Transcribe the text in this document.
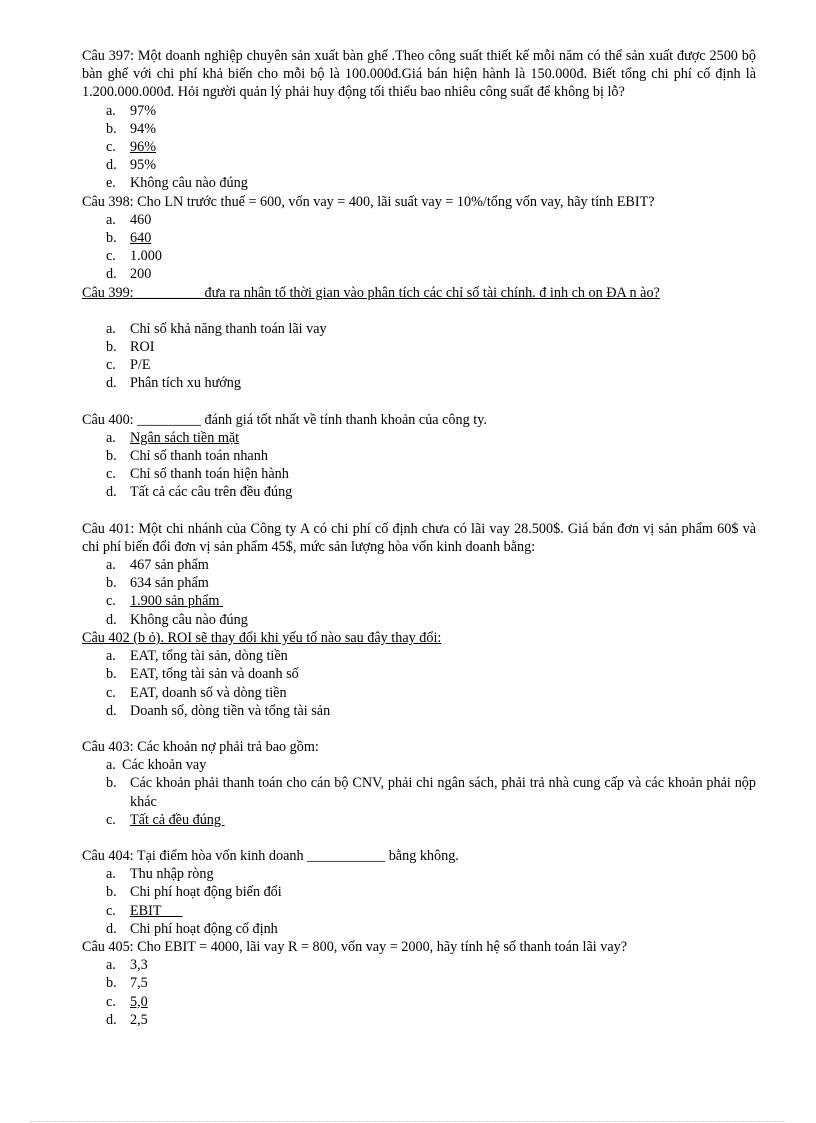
Câu 397: Một doanh nghiệp chuyên sản xuất bàn ghế .Theo công suất thiết kế mỗi năm có thể sản xuất được 2500 bộ bàn ghế với chi phí khả biến cho mỗi bộ là 100.000đ.Giá bán hiện hành là 150.000đ. Biết tổng chi phí cố định là 1.200.000.000đ. Hỏi người quản lý phải huy động tối thiểu bao nhiêu công suất để không bị lỗ?
a. 97%
b. 94%
c. 96%
d. 95%
e. Không câu nào đúng
Câu 398: Cho LN trước thuế = 600, vốn vay = 400, lãi suất vay = 10%/tổng vốn vay, hãy tính EBIT?
a. 460
b. 640
c. 1.000
d. 200
Câu 399: _________ đưa ra nhân tố thời gian vào phân tích các chỉ số tài chính. đ inh ch on ĐA n ào?
a. Chỉ số khả năng thanh toán lãi vay
b. ROI
c. P/E
d. Phân tích xu hướng
Câu 400: _________ đánh giá tốt nhất về tính thanh khoản của công ty.
a. Ngân sách tiền mặt
b. Chỉ số thanh toán nhanh
c. Chỉ số thanh toán hiện hành
d. Tất cả các câu trên đều đúng
Câu 401: Một chi nhánh của Công ty A có chi phí cố định chưa có lãi vay 28.500$. Giá bán đơn vị sản phẩm 60$ và chi phí biến đổi đơn vị sản phẩm 45$, mức sản lượng hòa vốn kinh doanh bằng:
a. 467 sản phẩm
b. 634 sản phẩm
c. 1.900 sản phẩm
d. Không câu nào đúng
Câu 402 (b ỏ). ROI sẽ thay đổi khi yếu tố nào sau đây thay đổi:
a. EAT, tổng tài sản, dòng tiền
b. EAT, tổng tài sản và doanh số
c. EAT, doanh số và dòng tiền
d. Doanh số, dòng tiền và tổng tài sản
Câu 403: Các khoản nợ phải trả bao gồm:
a. Các khoản vay
b. Các khoản phải thanh toán cho cán bộ CNV, phải chi ngân sách, phải trả nhà cung cấp và các khoản phải nộp khác
c. Tất cả đều đúng
Câu 404: Tại điểm hòa vốn kinh doanh ___________ bằng không.
a. Thu nhập ròng
b. Chi phí hoạt động biến đổi
c. EBIT
d. Chi phí hoạt động cố định
Câu 405: Cho EBIT = 4000, lãi vay R = 800, vốn vay = 2000, hãy tính hệ số thanh toán lãi vay?
a. 3,3
b. 7,5
c. 5,0
d. 2,5
